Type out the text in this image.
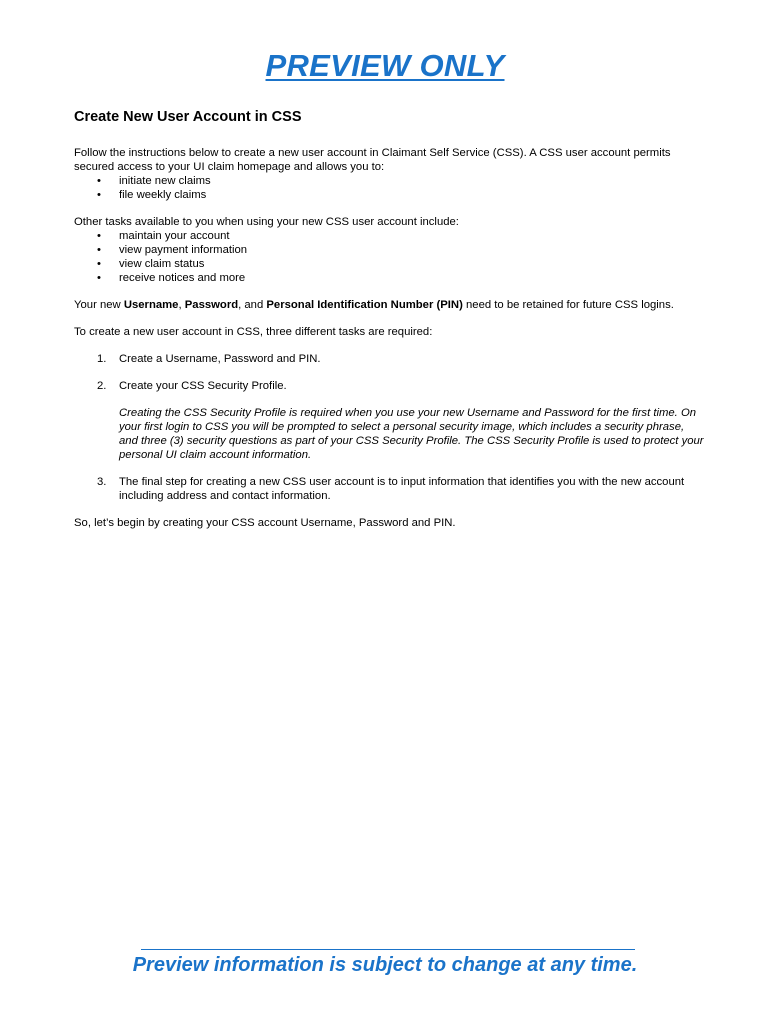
PREVIEW ONLY
Create New User Account in CSS

Follow the instructions below to create a new user account in Claimant Self Service (CSS). A CSS user account permits secured access to your UI claim homepage and allows you to:

• initiate new claims
• file weekly claims

Other tasks available to you when using your new CSS user account include:

• maintain your account
• view payment information
• view claim status
• receive notices and more

Your new Username, Password, and Personal Identification Number (PIN) need to be retained for future CSS logins.

To create a new user account in CSS, three different tasks are required:

1. Create a Username, Password and PIN.
2. Create your CSS Security Profile.
Creating the CSS Security Profile is required when you use your new Username and Password for the first time. On your first login to CSS you will be prompted to select a personal security image, which includes a security phrase, and three (3) security questions as part of your CSS Security Profile. The CSS Security Profile is used to protect your personal UI claim account information.
3. The final step for creating a new CSS user account is to input information that identifies you with the new account including address and contact information.

So, let’s begin by creating your CSS account Username, Password and PIN.

Preview information is subject to change at any time.
